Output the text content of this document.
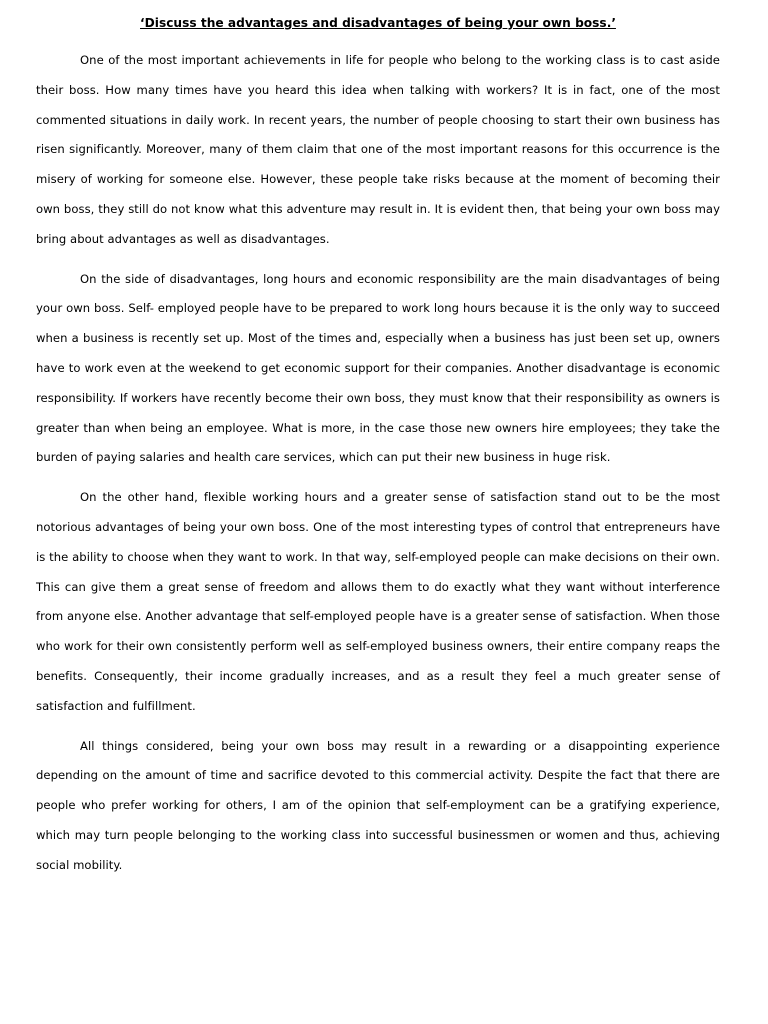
‘Discuss the advantages and disadvantages of being your own boss.’

One of the most important achievements in life for people who belong to the working class is to cast aside their boss. How many times have you heard this idea when talking with workers? It is in fact, one of the most commented situations in daily work. In recent years, the number of people choosing to start their own business has risen significantly. Moreover, many of them claim that one of the most important reasons for this occurrence is the misery of working for someone else. However, these people take risks because at the moment of becoming their own boss, they still do not know what this adventure may result in. It is evident then, that being your own boss may bring about advantages as well as disadvantages.

On the side of disadvantages, long hours and economic responsibility are the main disadvantages of being your own boss. Self- employed people have to be prepared to work long hours because it is the only way to succeed when a business is recently set up. Most of the times and, especially when a business has just been set up, owners have to work even at the weekend to get economic support for their companies. Another disadvantage is economic responsibility. If workers have recently become their own boss, they must know that their responsibility as owners is greater than when being an employee. What is more, in the case those new owners hire employees; they take the burden of paying salaries and health care services, which can put their new business in huge risk.

On the other hand, flexible working hours and a greater sense of satisfaction stand out to be the most notorious advantages of being your own boss. One of the most interesting types of control that entrepreneurs have is the ability to choose when they want to work. In that way, self-employed people can make decisions on their own. This can give them a great sense of freedom and allows them to do exactly what they want without interference from anyone else. Another advantage that self-employed people have is a greater sense of satisfaction. When those who work for their own consistently perform well as self-employed business owners, their entire company reaps the benefits. Consequently, their income gradually increases, and as a result they feel a much greater sense of satisfaction and fulfillment.

All things considered, being your own boss may result in a rewarding or a disappointing experience depending on the amount of time and sacrifice devoted to this commercial activity. Despite the fact that there are people who prefer working for others, I am of the opinion that self-employment can be a gratifying experience, which may turn people belonging to the working class into successful businessmen or women and thus, achieving social mobility.
